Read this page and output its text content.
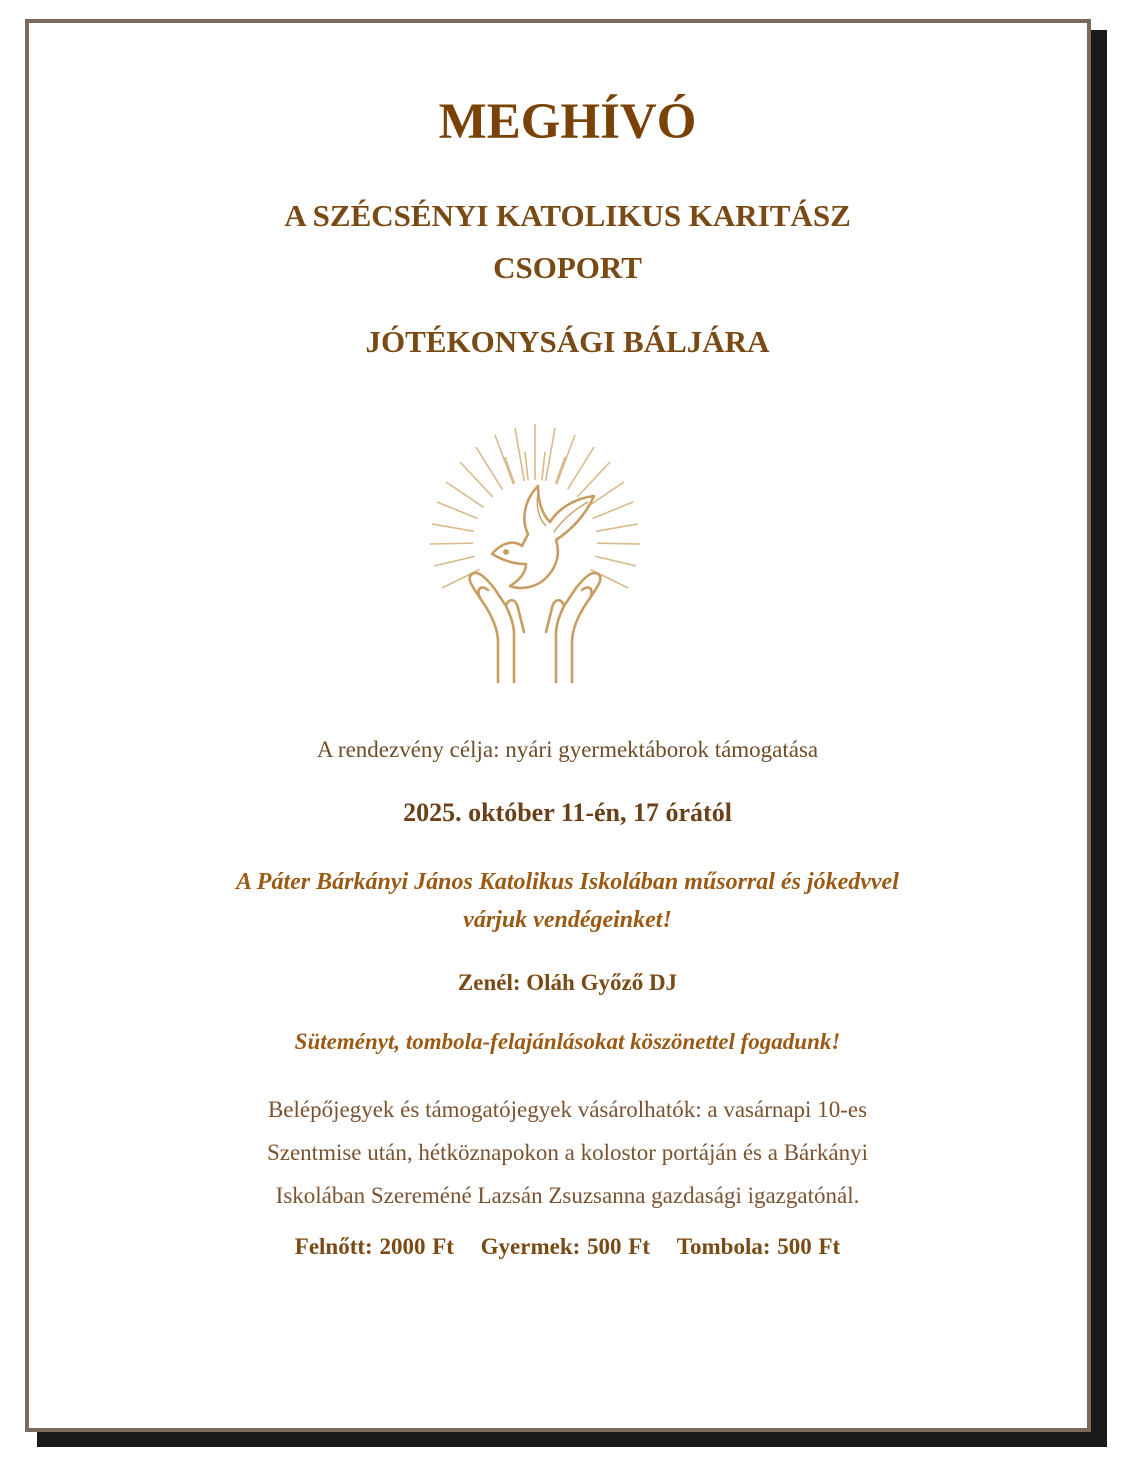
MEGHÍVÓ
A SZÉCSÉNYI KATOLIKUS KARITÁSZ
CSOPORT
JÓTÉKONYSÁGI BÁLJÁRA
A rendezvény célja: nyári gyermektáborok támogatása
2025. október 11-én, 17 órától
A Páter Bárkányi János Katolikus Iskolában műsorral és jókedvvel
várjuk vendégeinket!
Zenél: Oláh Győző DJ
Süteményt, tombola-felajánlásokat köszönettel fogadunk!
Belépőjegyek és támogatójegyek vásárolhatók: a vasárnapi 10-es
Szentmise után, hétköznapokon a kolostor portáján és a Bárkányi
Iskolában Szereméné Lazsán Zsuzsanna gazdasági igazgatónál.
Felnőtt: 2000 Ft Gyermek: 500 Ft Tombola: 500 Ft
